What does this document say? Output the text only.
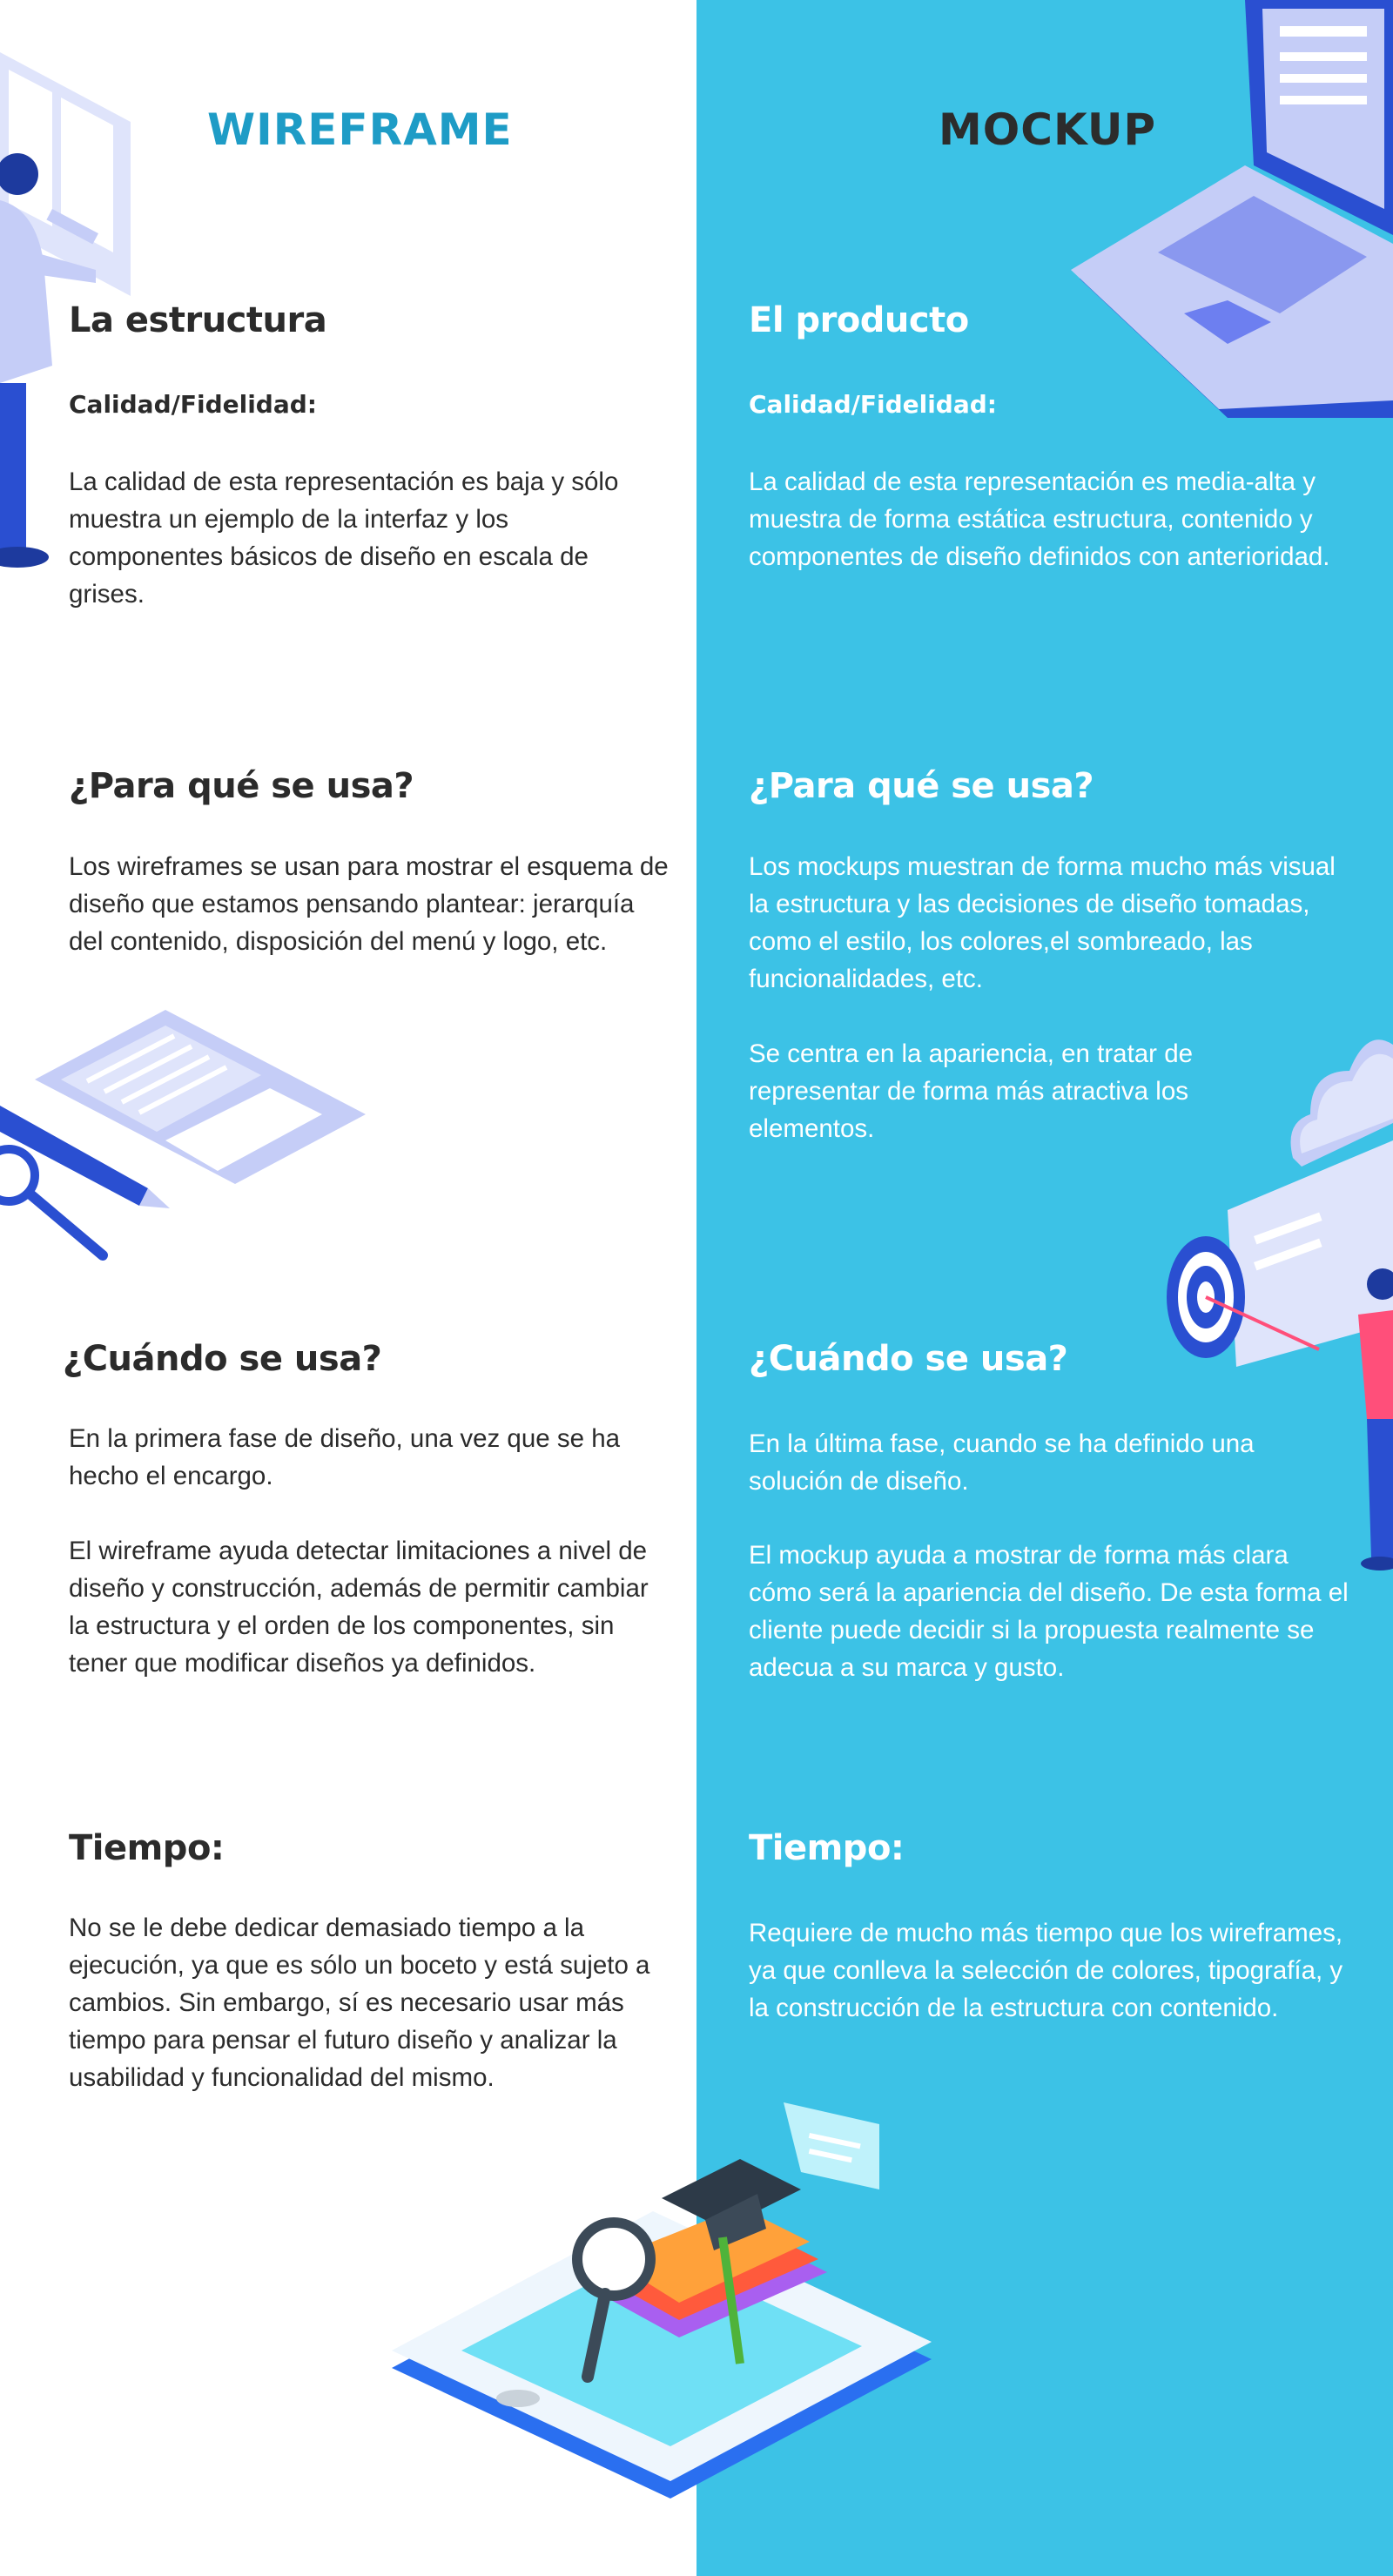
WIREFRAME
La estructura
Calidad/Fidelidad:
La calidad de esta representación es baja y sólo muestra un ejemplo de la interfaz y los componentes básicos de diseño en escala de grises.
¿Para qué se usa?
Los wireframes se usan para mostrar el esquema de diseño que estamos pensando plantear: jerarquía del contenido, disposición del menú y logo, etc.
¿Cuándo se usa?
En la primera fase de diseño, una vez que se ha hecho el encargo.
El wireframe ayuda detectar limitaciones a nivel de diseño y construcción, además de permitir cambiar la estructura y el orden de los componentes, sin tener que modificar diseños ya definidos.
Tiempo:
No se le debe dedicar demasiado tiempo a la ejecución, ya que es sólo un boceto y está sujeto a cambios. Sin embargo, sí es necesario usar más tiempo para pensar el futuro diseño y analizar la usabilidad y funcionalidad del mismo.
MOCKUP
El producto
Calidad/Fidelidad:
La calidad de esta representación es media-alta y muestra de forma estática estructura, contenido y componentes de diseño definidos con anterioridad.
¿Para qué se usa?
Los mockups muestran de forma mucho más visual la estructura y las decisiones de diseño tomadas, como el estilo, los colores,el sombreado, las funcionalidades, etc.
Se centra en la apariencia, en tratar de representar de forma más atractiva los elementos.
¿Cuándo se usa?
En la última fase, cuando se ha definido una solución de diseño.
El mockup ayuda a mostrar de forma más clara cómo será la apariencia del diseño. De esta forma el cliente puede decidir si la propuesta realmente se adecua a su marca y gusto.
Tiempo:
Requiere de mucho más tiempo que los wireframes, ya que conlleva la selección de colores, tipografía, y la construcción de la estructura con contenido.
